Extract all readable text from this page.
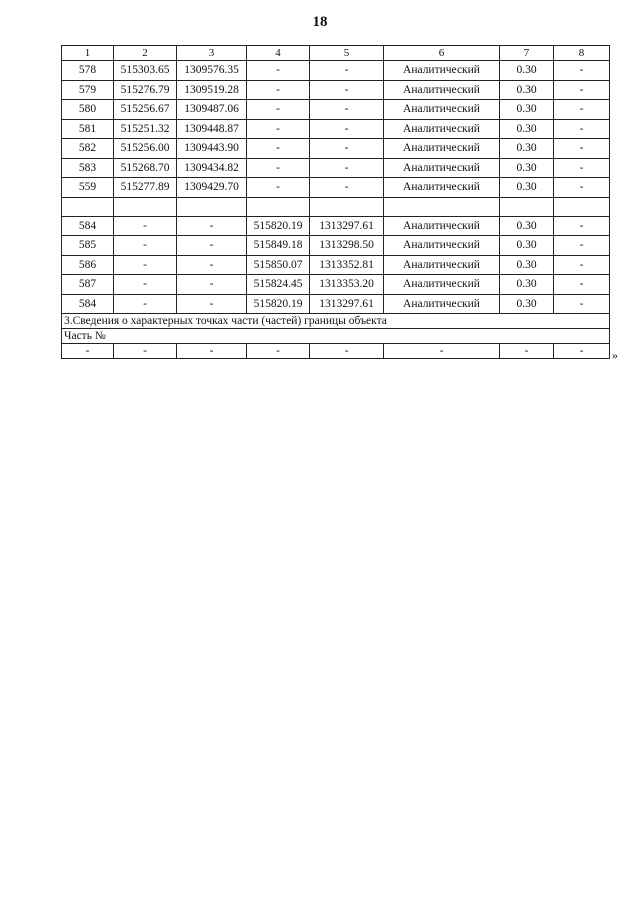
18
1	2	3	4	5	6	7	8
578	515303.65	1309576.35	-	-	Аналитический	0.30	-
579	515276.79	1309519.28	-	-	Аналитический	0.30	-
580	515256.67	1309487.06	-	-	Аналитический	0.30	-
581	515251.32	1309448.87	-	-	Аналитический	0.30	-
582	515256.00	1309443.90	-	-	Аналитический	0.30	-
583	515268.70	1309434.82	-	-	Аналитический	0.30	-
559	515277.89	1309429.70	-	-	Аналитический	0.30	-

584	-	-	515820.19	1313297.61	Аналитический	0.30	-
585	-	-	515849.18	1313298.50	Аналитический	0.30	-
586	-	-	515850.07	1313352.81	Аналитический	0.30	-
587	-	-	515824.45	1313353.20	Аналитический	0.30	-
584	-	-	515820.19	1313297.61	Аналитический	0.30	-
3.Сведения о характерных точках части (частей) границы объекта							
Часть №							
-	-	-	-	-	-	-	- »
